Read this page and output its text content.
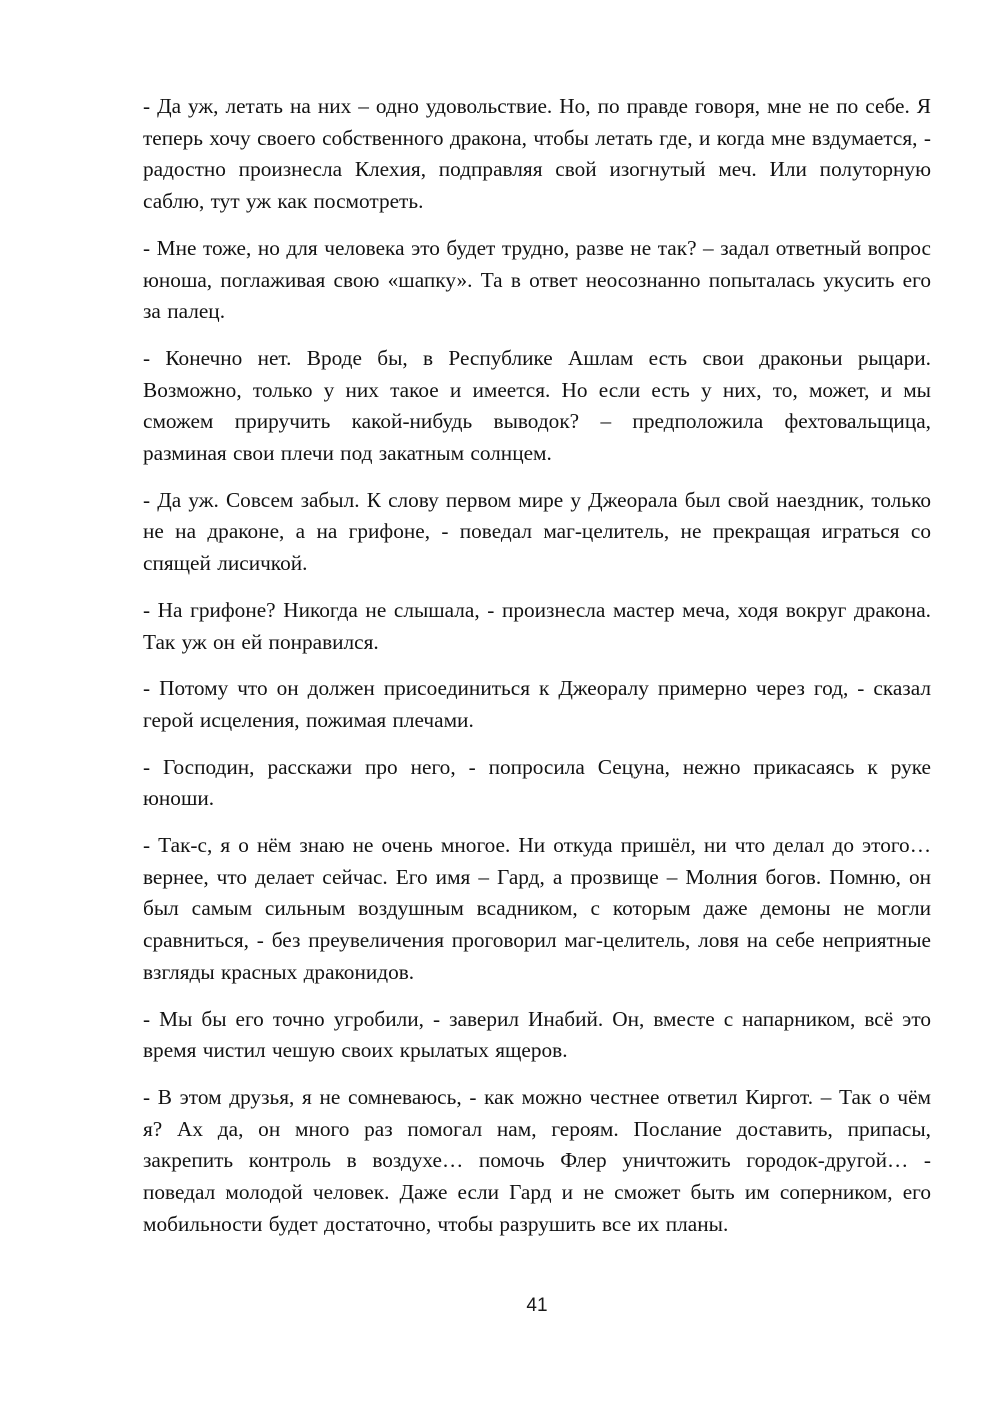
- Да уж, летать на них – одно удовольствие. Но, по правде говоря, мне не по себе. Я теперь хочу своего собственного дракона, чтобы летать где, и когда мне вздумается, - радостно произнесла Клехия, подправляя свой изогнутый меч. Или полуторную саблю, тут уж как посмотреть.

- Мне тоже, но для человека это будет трудно, разве не так? – задал ответный вопрос юноша, поглаживая свою «шапку». Та в ответ неосознанно попыталась укусить его за палец.

- Конечно нет. Вроде бы, в Республике Ашлам есть свои драконьи рыцари. Возможно, только у них такое и имеется. Но если есть у них, то, может, и мы сможем приручить какой-нибудь выводок? – предположила фехтовальщица, разминая свои плечи под закатным солнцем.

- Да уж. Совсем забыл. К слову первом мире у Джеорала был свой наездник, только не на драконе, а на грифоне, - поведал маг-целитель, не прекращая играться со спящей лисичкой.

- На грифоне? Никогда не слышала, - произнесла мастер меча, ходя вокруг дракона. Так уж он ей понравился.

- Потому что он должен присоединиться к Джеоралу примерно через год, - сказал герой исцеления, пожимая плечами.

- Господин, расскажи про него, - попросила Сецуна, нежно прикасаясь к руке юноши.

- Так-с, я о нём знаю не очень многое. Ни откуда пришёл, ни что делал до этого… вернее, что делает сейчас. Его имя – Гард, а прозвище – Молния богов. Помню, он был самым сильным воздушным всадником, с которым даже демоны не могли сравниться, - без преувеличения проговорил маг-целитель, ловя на себе неприятные взгляды красных драконидов.

- Мы бы его точно угробили, - заверил Инабий. Он, вместе с напарником, всё это время чистил чешую своих крылатых ящеров.

- В этом друзья, я не сомневаюсь, - как можно честнее ответил Киргот. – Так о чём я? Ах да, он много раз помогал нам, героям. Послание доставить, припасы, закрепить контроль в воздухе… помочь Флер уничтожить городок-другой… - поведал молодой человек. Даже если Гард и не сможет быть им соперником, его мобильности будет достаточно, чтобы разрушить все их планы.

41
